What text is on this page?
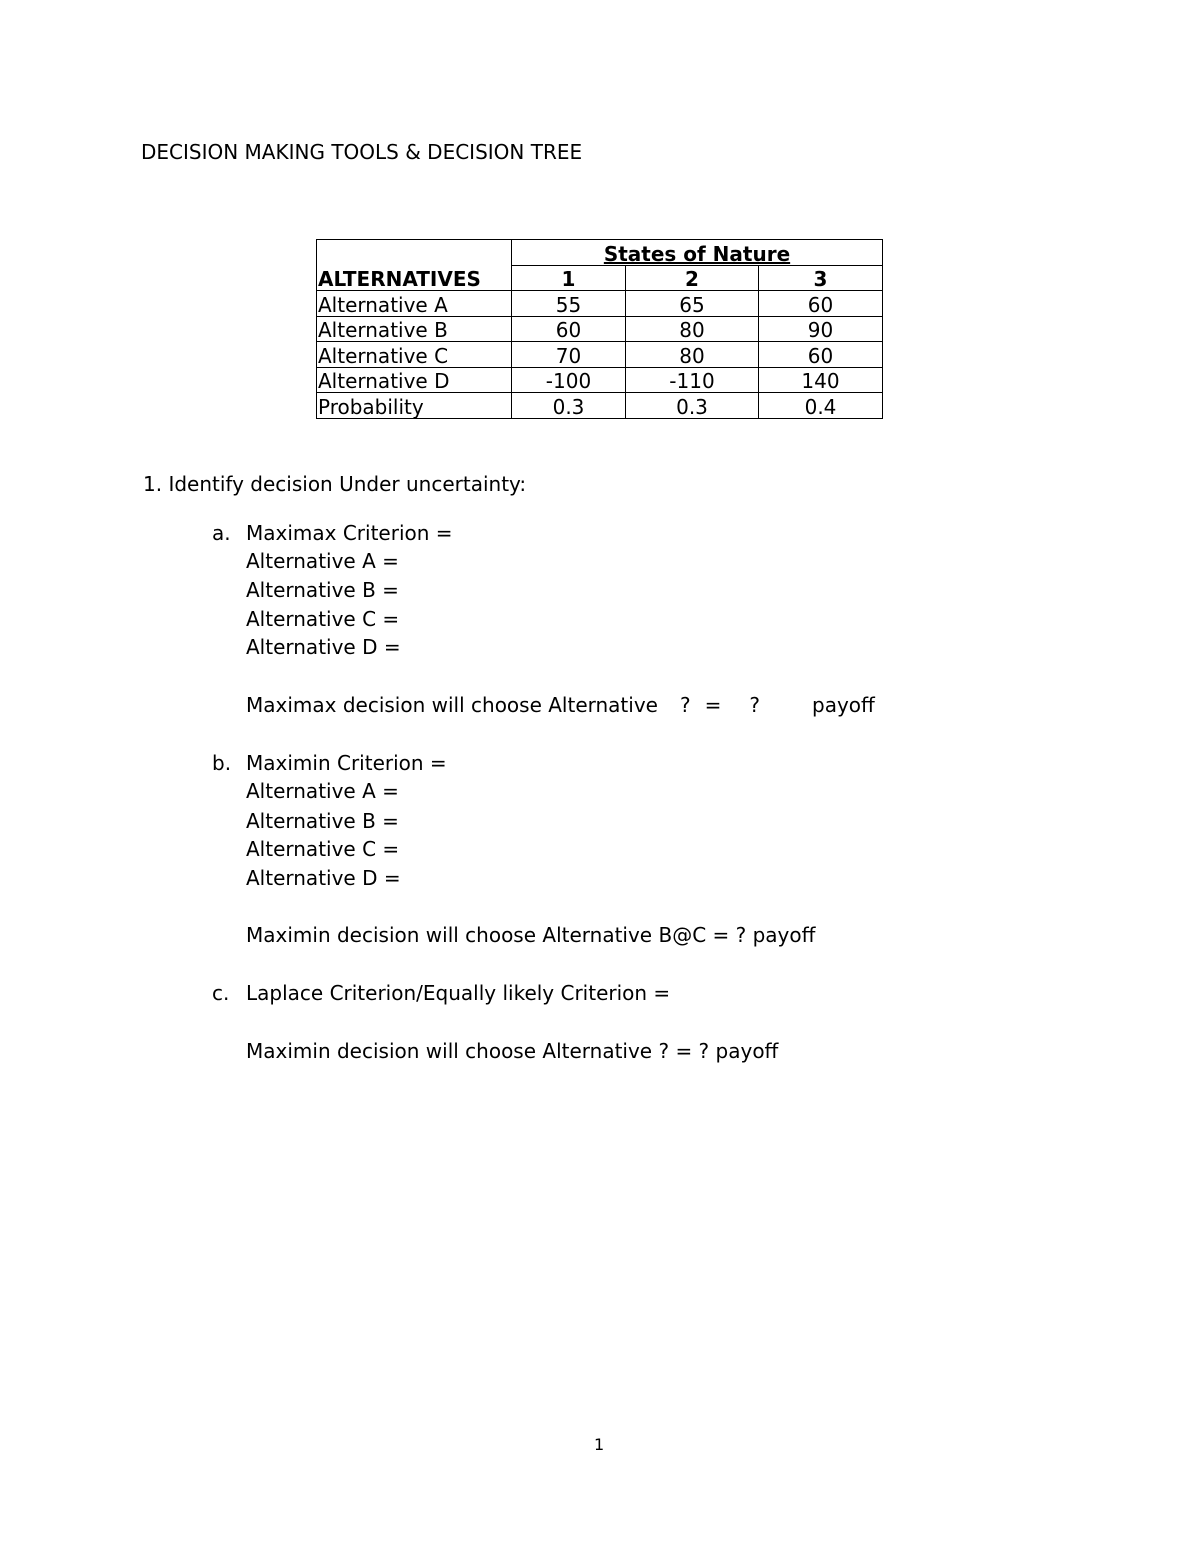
DECISION MAKING TOOLS & DECISION TREE
	States of Nature		
ALTERNATIVES	1	2	3
Alternative A	55	65	60
Alternative B	60	80	90
Alternative C	70	80	60
Alternative D	-100	-110	140
Probability	0.3	0.3	0.4
1. Identify decision Under uncertainty:
a. Maximax Criterion =
Alternative A =
Alternative B =
Alternative C =
Alternative D =
Maximax decision will choose Alternative ? = ?	payoff
b. Maximin Criterion =
Alternative A =
Alternative B =
Alternative C =
Alternative D =
Maximin decision will choose Alternative B@C = ? payoff
c. Laplace Criterion/Equally likely Criterion =
Maximin decision will choose Alternative ? = ? payoff
1
